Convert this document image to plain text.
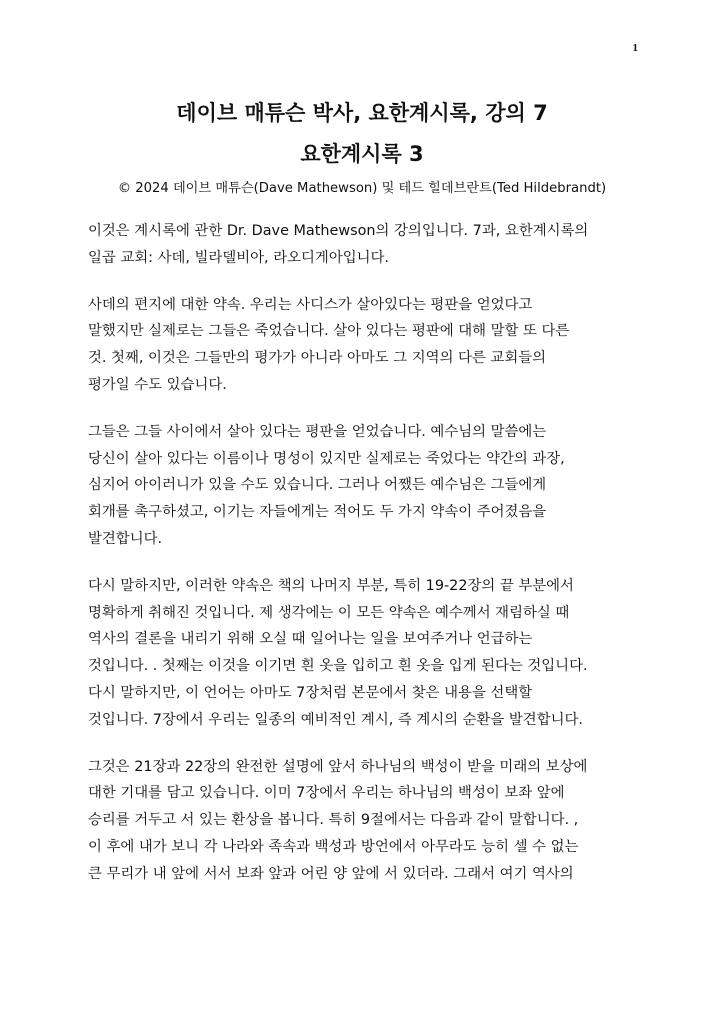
1
데이브 매튜슨 박사, 요한계시록, 강의 7
요한계시록 3
© 2024 데이브 매튜슨(Dave Mathewson) 및 테드 힐데브란트(Ted Hildebrandt)
이것은 계시록에 관한 Dr. Dave Mathewson의 강의입니다. 7과, 요한계시록의
일곱 교회: 사데, 빌라델비아, 라오디게아입니다.
사데의 편지에 대한 약속. 우리는 사디스가 살아있다는 평판을 얻었다고
말했지만 실제로는 그들은 죽었습니다. 살아 있다는 평판에 대해 말할 또 다른
것. 첫째, 이것은 그들만의 평가가 아니라 아마도 그 지역의 다른 교회들의
평가일 수도 있습니다.
그들은 그들 사이에서 살아 있다는 평판을 얻었습니다. 예수님의 말씀에는
당신이 살아 있다는 이름이나 명성이 있지만 실제로는 죽었다는 약간의 과장,
심지어 아이러니가 있을 수도 있습니다. 그러나 어쨌든 예수님은 그들에게
회개를 촉구하셨고, 이기는 자들에게는 적어도 두 가지 약속이 주어졌음을
발견합니다.
다시 말하지만, 이러한 약속은 책의 나머지 부분, 특히 19-22장의 끝 부분에서
명확하게 취해진 것입니다. 제 생각에는 이 모든 약속은 예수께서 재림하실 때
역사의 결론을 내리기 위해 오실 때 일어나는 일을 보여주거나 언급하는
것입니다. . 첫째는 이것을 이기면 흰 옷을 입히고 흰 옷을 입게 된다는 것입니다.
다시 말하지만, 이 언어는 아마도 7장처럼 본문에서 찾은 내용을 선택할
것입니다. 7장에서 우리는 일종의 예비적인 계시, 즉 계시의 순환을 발견합니다.
그것은 21장과 22장의 완전한 설명에 앞서 하나님의 백성이 받을 미래의 보상에
대한 기대를 담고 있습니다. 이미 7장에서 우리는 하나님의 백성이 보좌 앞에
승리를 거두고 서 있는 환상을 봅니다. 특히 9절에서는 다음과 같이 말합니다. ,
이 후에 내가 보니 각 나라와 족속과 백성과 방언에서 아무라도 능히 셀 수 없는
큰 무리가 내 앞에 서서 보좌 앞과 어린 양 앞에 서 있더라. 그래서 여기 역사의
